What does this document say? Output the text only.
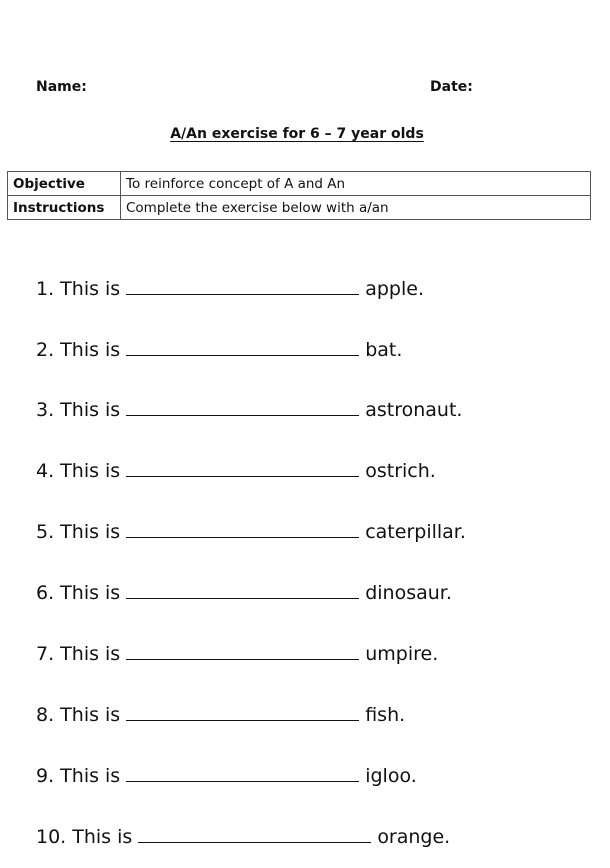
Name:	Date:
A/An exercise for 6 – 7 year olds
Objective	To reinforce concept of A and An
Instructions	Complete the exercise below with a/an
1. This is	apple.
2. This is	bat.
3. This is	astronaut.
4. This is	ostrich.
5. This is	caterpillar.
6. This is	dinosaur.
7. This is	umpire.
8. This is	fish.
9. This is	igloo.
10. This is	orange.
